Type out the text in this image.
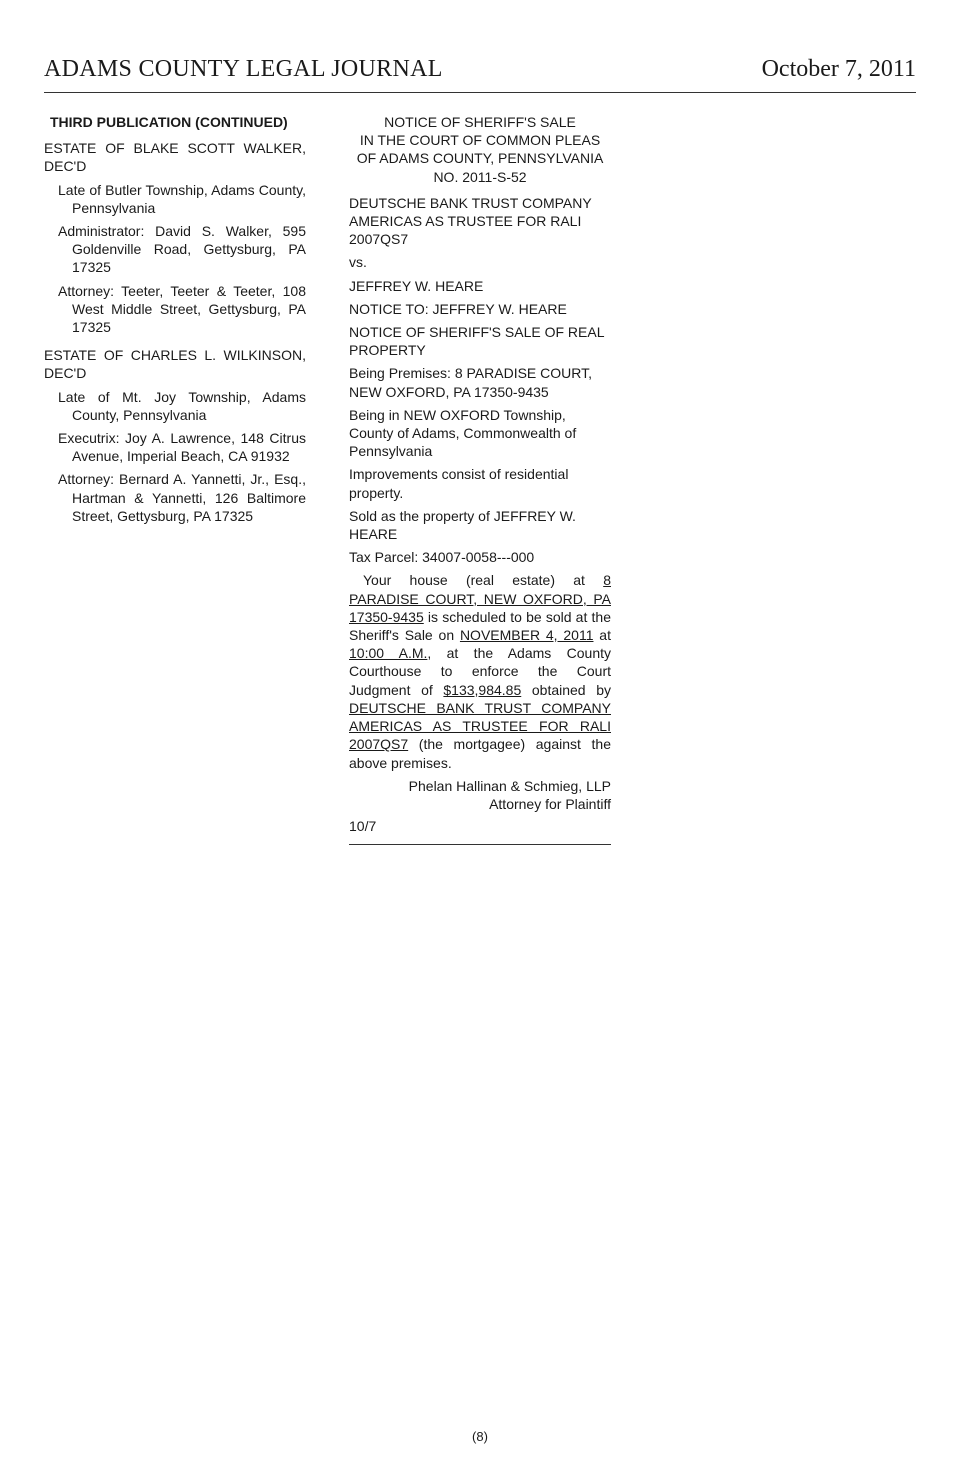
ADAMS COUNTY LEGAL JOURNAL	October 7, 2011
THIRD PUBLICATION (CONTINUED)
ESTATE OF BLAKE SCOTT WALKER, DEC'D
Late of Butler Township, Adams County, Pennsylvania
Administrator: David S. Walker, 595 Goldenville Road, Gettysburg, PA 17325
Attorney: Teeter, Teeter & Teeter, 108 West Middle Street, Gettysburg, PA 17325
ESTATE OF CHARLES L. WILKINSON, DEC'D
Late of Mt. Joy Township, Adams County, Pennsylvania
Executrix: Joy A. Lawrence, 148 Citrus Avenue, Imperial Beach, CA 91932
Attorney: Bernard A. Yannetti, Jr., Esq., Hartman & Yannetti, 126 Baltimore Street, Gettysburg, PA 17325
NOTICE OF SHERIFF'S SALE
IN THE COURT OF COMMON PLEAS
OF ADAMS COUNTY, PENNSYLVANIA
NO. 2011-S-52
DEUTSCHE BANK TRUST COMPANY AMERICAS AS TRUSTEE FOR RALI 2007QS7
vs.
JEFFREY W. HEARE
NOTICE TO: JEFFREY W. HEARE
NOTICE OF SHERIFF'S SALE OF REAL PROPERTY
Being Premises: 8 PARADISE COURT, NEW OXFORD, PA 17350-9435
Being in NEW OXFORD Township, County of Adams, Commonwealth of Pennsylvania
Improvements consist of residential property.
Sold as the property of JEFFREY W. HEARE
Tax Parcel: 34007-0058---000
Your house (real estate) at 8 PARADISE COURT, NEW OXFORD, PA 17350-9435 is scheduled to be sold at the Sheriff's Sale on NOVEMBER 4, 2011 at 10:00 A.M., at the Adams County Courthouse to enforce the Court Judgment of $133,984.85 obtained by DEUTSCHE BANK TRUST COMPANY AMERICAS AS TRUSTEE FOR RALI 2007QS7 (the mortgagee) against the above premises.
Phelan Hallinan & Schmieg, LLP
Attorney for Plaintiff
10/7
(8)
